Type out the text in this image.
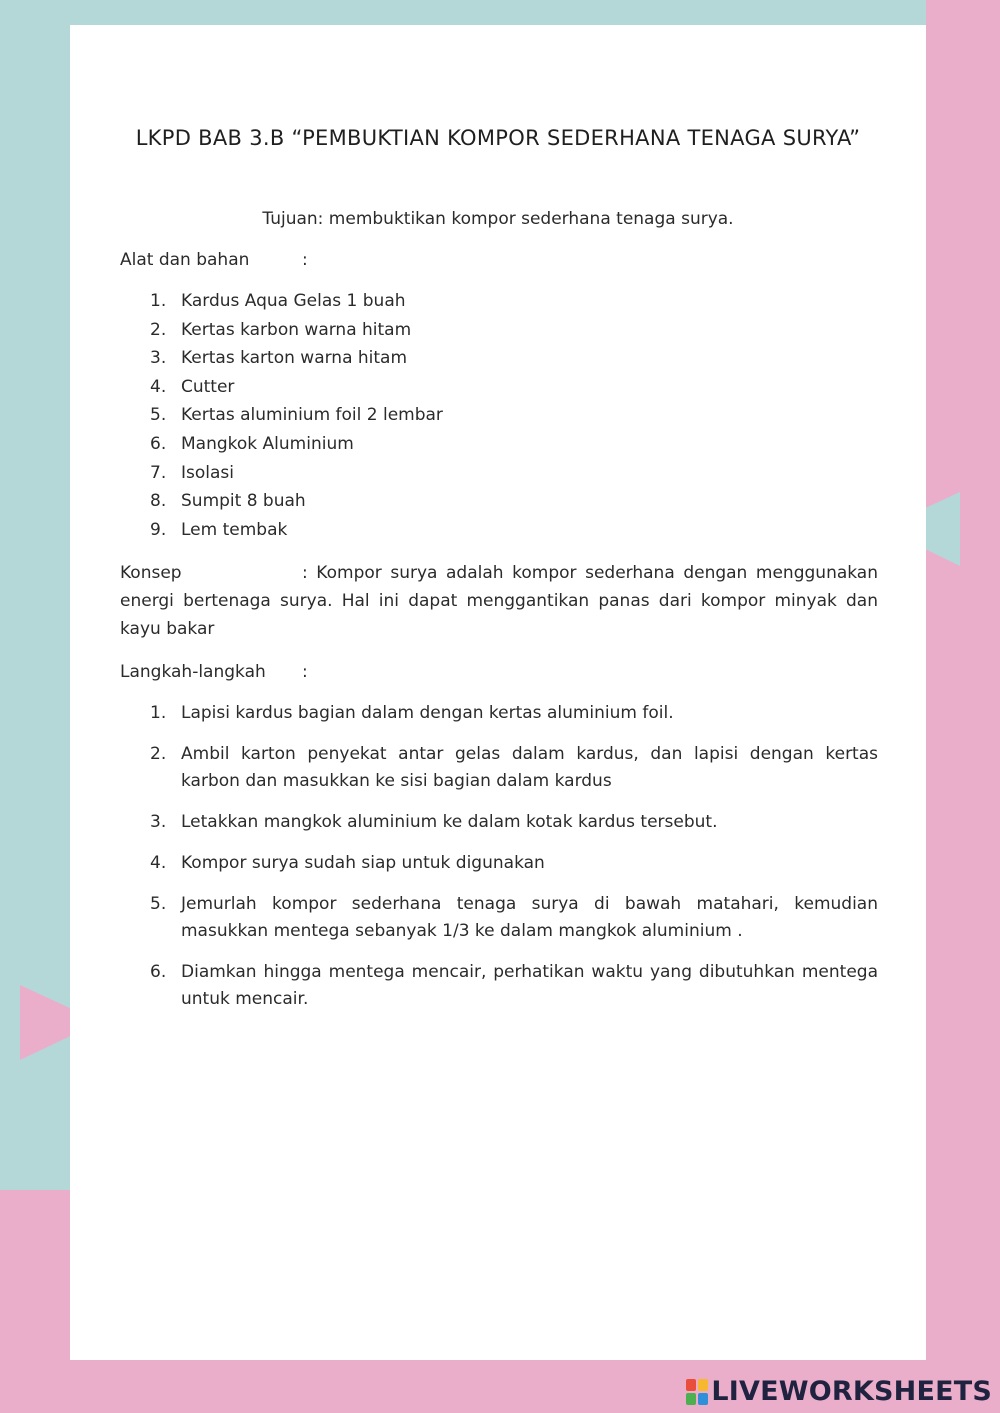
LKPD BAB 3.B “PEMBUKTIAN KOMPOR SEDERHANA TENAGA SURYA”
Tujuan: membuktikan kompor sederhana tenaga surya.
Alat dan bahan	:
1. Kardus Aqua Gelas 1 buah
2. Kertas karbon warna hitam
3. Kertas karton warna hitam
4. Cutter
5. Kertas aluminium foil 2 lembar
6. Mangkok Aluminium
7. Isolasi
8. Sumpit 8 buah
9. Lem tembak
Konsep	: Kompor surya adalah kompor sederhana dengan menggunakan energi bertenaga surya. Hal ini dapat menggantikan panas dari kompor minyak dan kayu bakar
Langkah-langkah :
1. Lapisi kardus bagian dalam dengan kertas aluminium foil.
2. Ambil karton penyekat antar gelas dalam kardus, dan lapisi dengan kertas karbon dan masukkan ke sisi bagian dalam kardus
3. Letakkan mangkok aluminium ke dalam kotak kardus tersebut.
4. Kompor surya sudah siap untuk digunakan
5. Jemurlah kompor sederhana tenaga surya di bawah matahari, kemudian masukkan mentega sebanyak 1/3 ke dalam mangkok aluminium .
6. Diamkan hingga mentega mencair, perhatikan waktu yang dibutuhkan mentega untuk mencair.
LIVEWORKSHEETS
